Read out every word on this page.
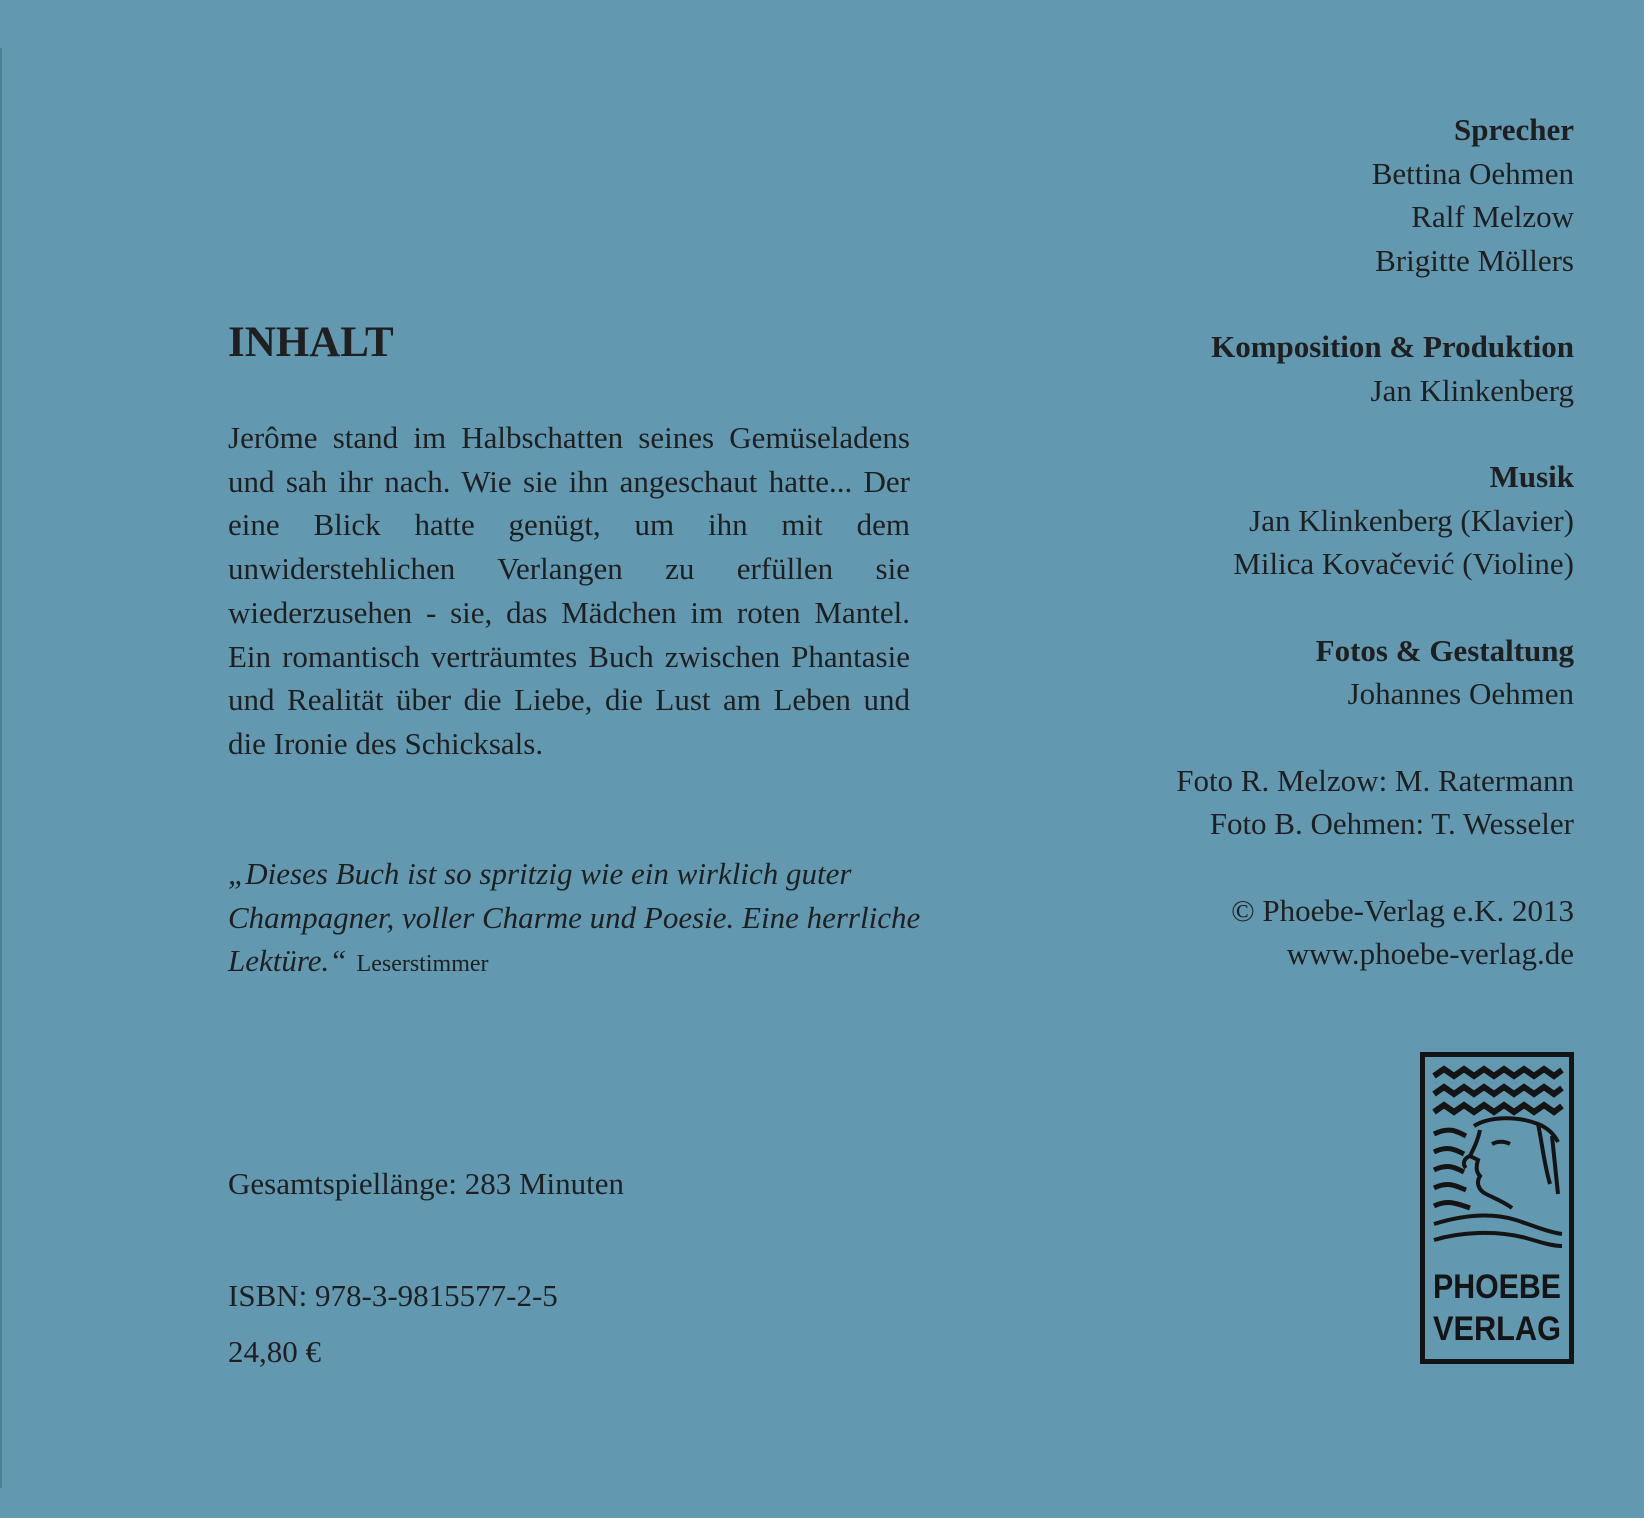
INHALT

Jerôme stand im Halbschatten seines Gemüseladens und sah ihr nach. Wie sie ihn angeschaut hatte... Der eine Blick hatte genügt, um ihn mit dem unwiderstehlichen Verlangen zu erfüllen sie wiederzusehen - sie, das Mädchen im roten Mantel. Ein romantisch verträumtes Buch zwischen Phantasie und Realität über die Liebe, die Lust am Leben und die Ironie des Schicksals.

„Dieses Buch ist so spritzig wie ein wirklich guter Champagner, voller Charme und Poesie. Eine herrliche Lektüre.“ Leserstimmer

Gesamtspiellänge: 283 Minuten

ISBN: 978-3-9815577-2-5

24,80 €

Sprecher
Bettina Oehmen
Ralf Melzow
Brigitte Möllers
Komposition & Produktion
Jan Klinkenberg
Musik
Jan Klinkenberg (Klavier)
Milica Kovačević (Violine)
Fotos & Gestaltung
Johannes Oehmen
Foto R. Melzow: M. Ratermann
Foto B. Oehmen: T. Wesseler
© Phoebe-Verlag e.K. 2013
www.phoebe-verlag.de
PHOEBE
VERLAG
